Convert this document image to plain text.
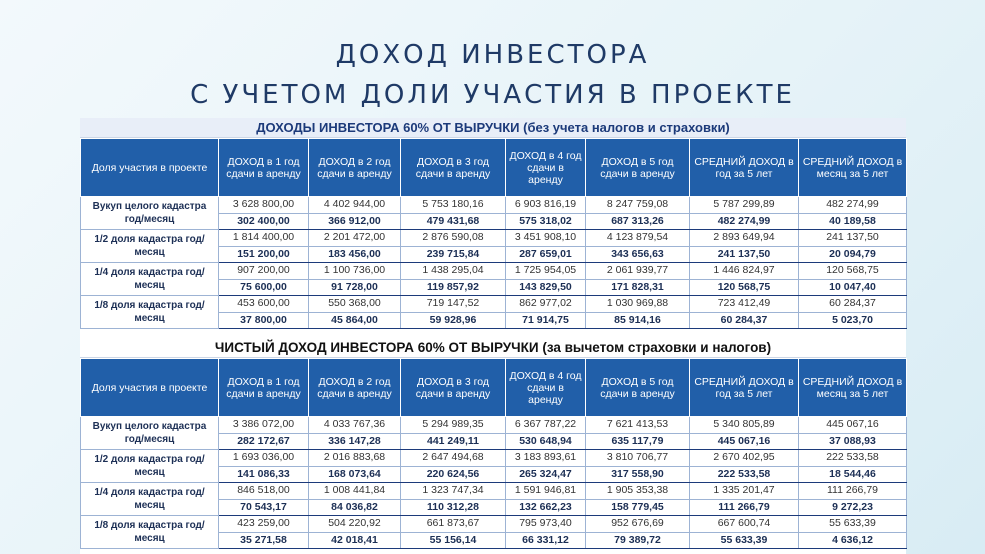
ДОХОД ИНВЕСТОРА
С УЧЕТОМ ДОЛИ УЧАСТИЯ В ПРОЕКТЕ
ДОХОДЫ ИНВЕСТОРА 60% ОТ ВЫРУЧКИ (без учета налогов и страховки)
Доля участия в проекте	ДОХОД в 1 год сдачи в аренду	ДОХОД в 2 год сдачи в аренду	ДОХОД в 3 год сдачи в аренду	ДОХОД в 4 год сдачи в аренду	ДОХОД в 5 год сдачи в аренду	СРЕДНИЙ ДОХОД в год за 5 лет	СРЕДНИЙ ДОХОД в месяц за 5 лет
Вукуп целого кадастра год/месяц	3 628 800,00	4 402 944,00	5 753 180,16	6 903 816,19	8 247 759,08	5 787 299,89	482 274,99
	302 400,00	366 912,00	479 431,68	575 318,02	687 313,26	482 274,99	40 189,58
1/2 доля кадастра год/месяц	1 814 400,00	2 201 472,00	2 876 590,08	3 451 908,10	4 123 879,54	2 893 649,94	241 137,50
	151 200,00	183 456,00	239 715,84	287 659,01	343 656,63	241 137,50	20 094,79
1/4 доля кадастра год/месяц	907 200,00	1 100 736,00	1 438 295,04	1 725 954,05	2 061 939,77	1 446 824,97	120 568,75
	75 600,00	91 728,00	119 857,92	143 829,50	171 828,31	120 568,75	10 047,40
1/8 доля кадастра год/месяц	453 600,00	550 368,00	719 147,52	862 977,02	1 030 969,88	723 412,49	60 284,37
	37 800,00	45 864,00	59 928,96	71 914,75	85 914,16	60 284,37	5 023,70
ЧИСТЫЙ ДОХОД ИНВЕСТОРА 60% ОТ ВЫРУЧКИ (за вычетом страховки и налогов)
Доля участия в проекте	ДОХОД в 1 год сдачи в аренду	ДОХОД в 2 год сдачи в аренду	ДОХОД в 3 год сдачи в аренду	ДОХОД в 4 год сдачи в аренду	ДОХОД в 5 год сдачи в аренду	СРЕДНИЙ ДОХОД в год за 5 лет	СРЕДНИЙ ДОХОД в месяц за 5 лет
Вукуп целого кадастра год/месяц	3 386 072,00	4 033 767,36	5 294 989,35	6 367 787,22	7 621 413,53	5 340 805,89	445 067,16
	282 172,67	336 147,28	441 249,11	530 648,94	635 117,79	445 067,16	37 088,93
1/2 доля кадастра год/месяц	1 693 036,00	2 016 883,68	2 647 494,68	3 183 893,61	3 810 706,77	2 670 402,95	222 533,58
	141 086,33	168 073,64	220 624,56	265 324,47	317 558,90	222 533,58	18 544,46
1/4 доля кадастра год/месяц	846 518,00	1 008 441,84	1 323 747,34	1 591 946,81	1 905 353,38	1 335 201,47	111 266,79
	70 543,17	84 036,82	110 312,28	132 662,23	158 779,45	111 266,79	9 272,23
1/8 доля кадастра год/месяц	423 259,00	504 220,92	661 873,67	795 973,40	952 676,69	667 600,74	55 633,39
	35 271,58	42 018,41	55 156,14	66 331,12	79 389,72	55 633,39	4 636,12
